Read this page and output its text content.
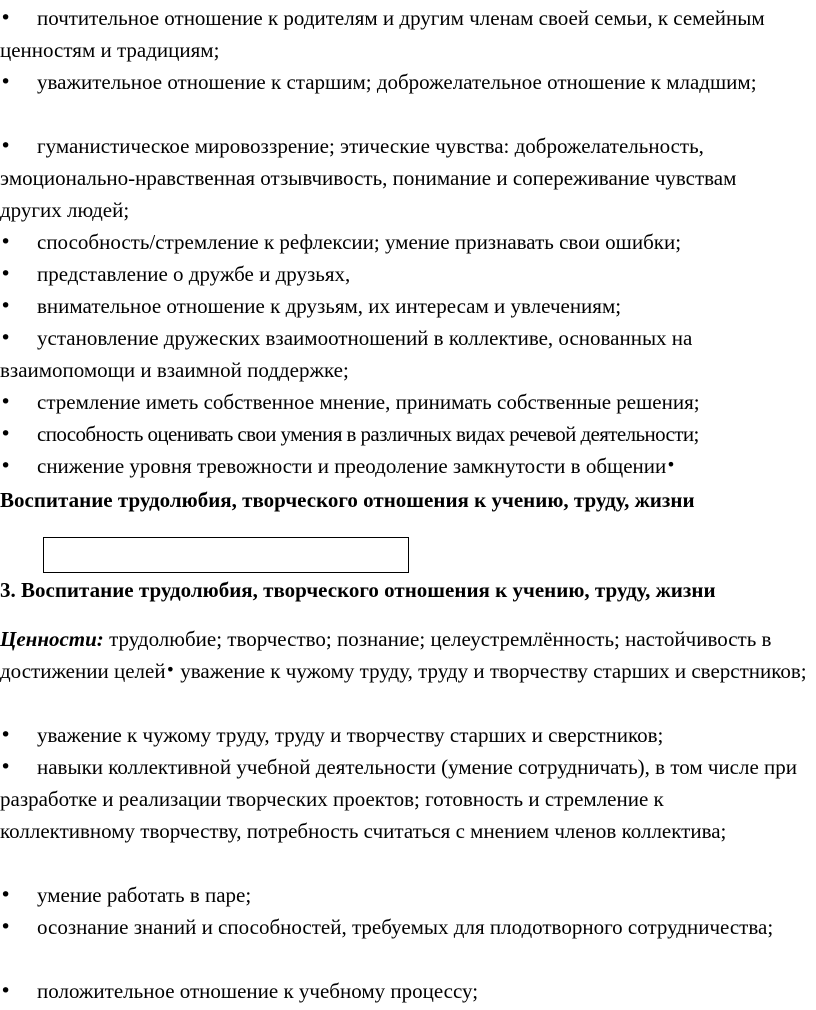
•	почтительное отношение к родителям и другим членам своей семьи, к семейным ценностям и традициям;

•	уважительное отношение к старшим; доброжелательное отношение к младшим;

•	гуманистическое мировоззрение; этические чувства: доброжелательность, эмоционально-нравственная отзывчивость, понимание и сопереживание чувствам других людей;

•	способность/стремление к рефлексии; умение признавать свои ошибки;

•	представление о дружбе и друзьях,

•	внимательное отношение к друзьям, их интересам и увлечениям;

•	установление дружеских взаимоотношений в коллективе, основанных на взаимопомощи и взаимной поддержке;

•	стремление иметь собственное мнение, принимать собственные решения;

•	способность оценивать свои умения в различных видах речевой деятельности;

•	снижение уровня тревожности и преодоление замкнутости в общении•

Воспитание трудолюбия, творческого отношения к учению, труду, жизни

3. Воспитание трудолюбия, творческого отношения к учению, труду, жизни

Ценности: трудолюбие; творчество; познание; целеустремлённость; настойчивость в достижении целей• уважение к чужому труду, труду и творчеству старших и сверстников;

•	уважение к чужому труду, труду и творчеству старших и сверстников;

•	навыки коллективной учебной деятельности (умение сотрудничать), в том числе при разработке и реализации творческих проектов; готовность и стремление к коллективному творчеству, потребность считаться с мнением членов коллектива;

•	умение работать в паре;

•	осознание знаний и способностей, требуемых для плодотворного сотрудничества;

•	положительное отношение к учебному процессу;
